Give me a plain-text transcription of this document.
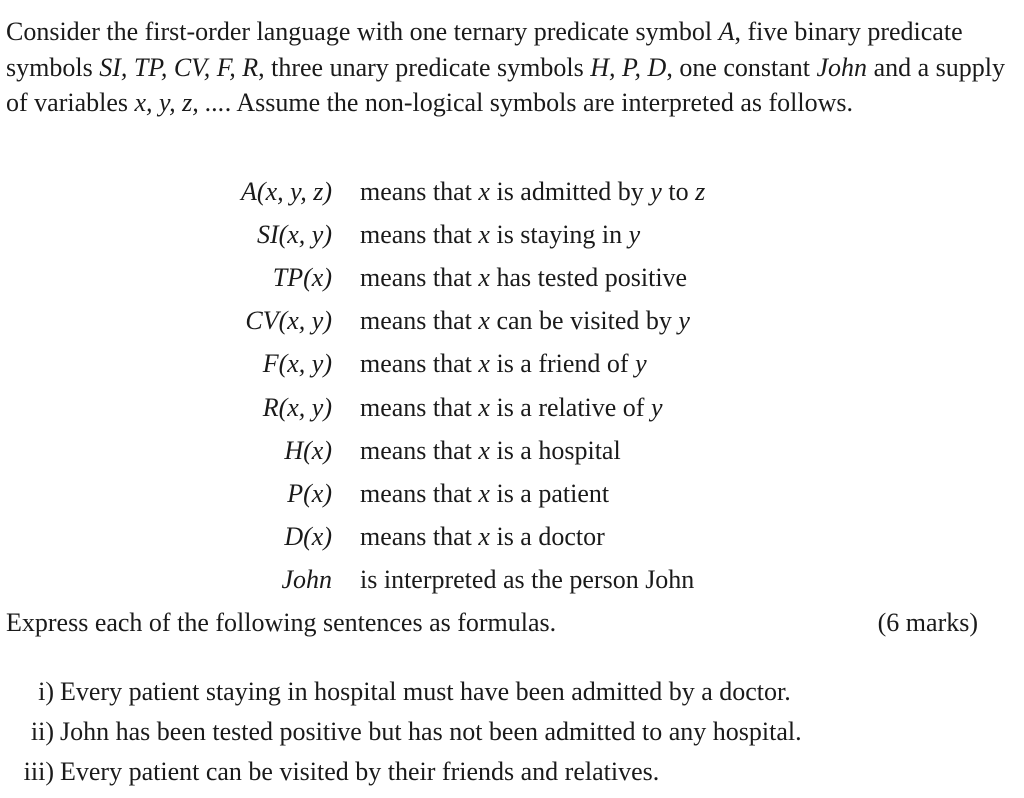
Consider the first-order language with one ternary predicate symbol A, five binary predicate symbols SI, TP, CV, F, R, three unary predicate symbols H, P, D, one constant John and a supply of variables x, y, z, .... Assume the non-logical symbols are interpreted as follows.

A(x, y, z)	means that x is admitted by y to z
SI(x, y)	means that x is staying in y
TP(x)	means that x has tested positive
CV(x, y)	means that x can be visited by y
F(x, y)	means that x is a friend of y
R(x, y)	means that x is a relative of y
H(x)	means that x is a hospital
P(x)	means that x is a patient
D(x)	means that x is a doctor
John	is interpreted as the person John
Express each of the following sentences as formulas.	(6 marks)
i) Every patient staying in hospital must have been admitted by a doctor.
ii) John has been tested positive but has not been admitted to any hospital.
iii) Every patient can be visited by their friends and relatives.
